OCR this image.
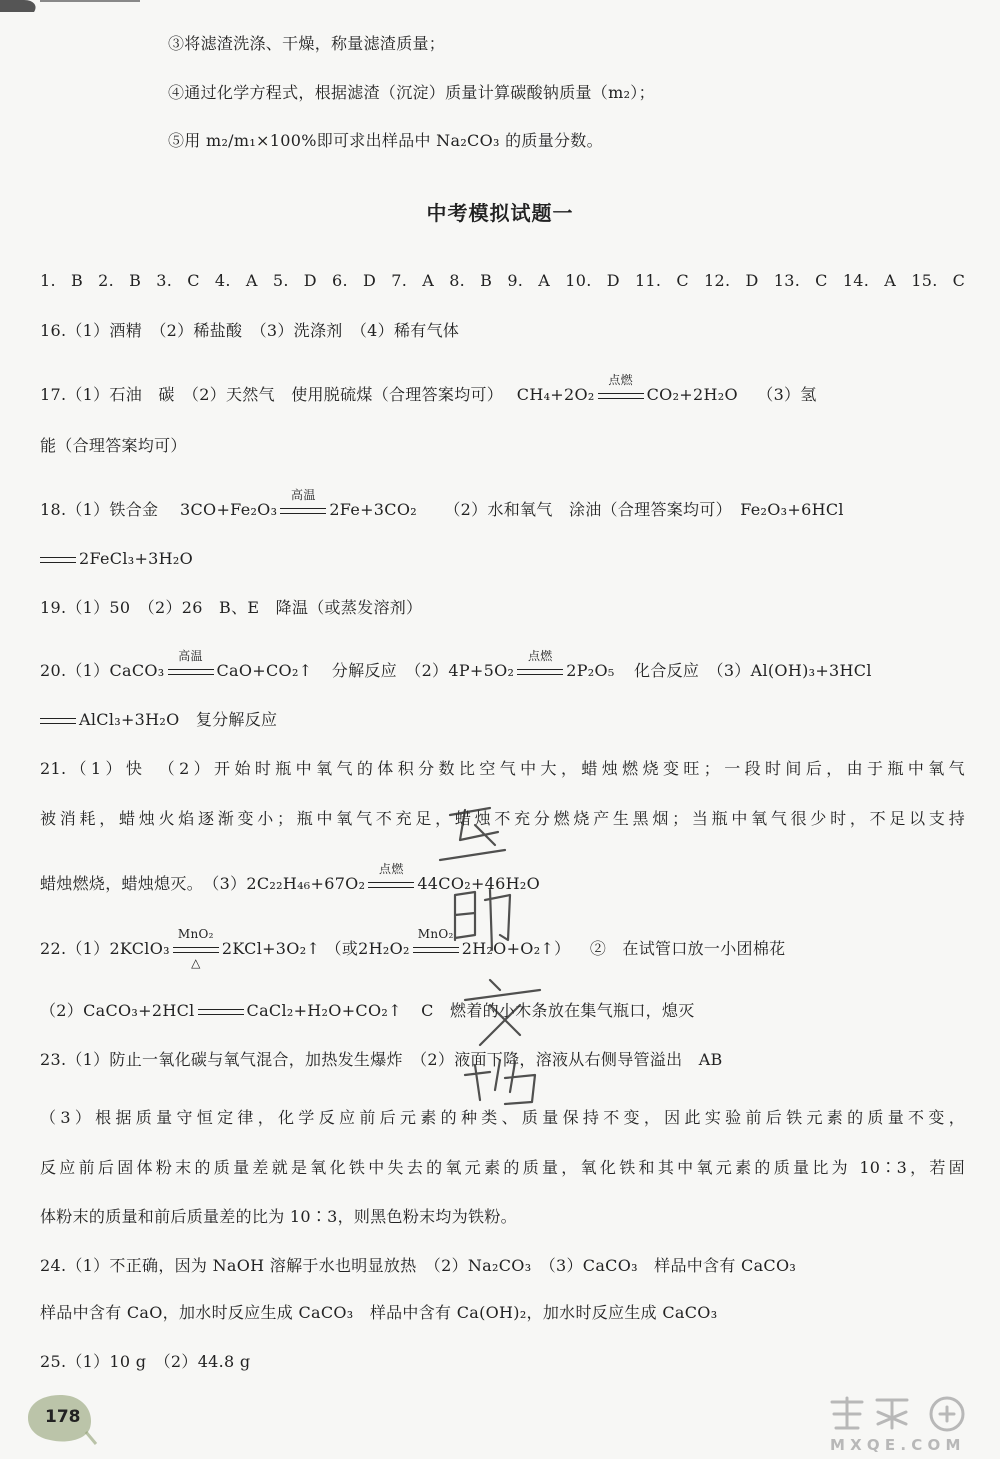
③将滤渣洗涤、干燥，称量滤渣质量；
④通过化学方程式，根据滤渣（沉淀）质量计算碳酸钠质量（m₂）；
⑤用 m₂/m₁×100%即可求出样品中 Na₂CO₃ 的质量分数。
中考模拟试题一
1. B 2. B 3. C 4. A 5. D 6. D 7. A 8. B 9. A 10. D 11. C 12. D 13. C 14. A 15. C
16.（1）酒精　（2）稀盐酸　（3）洗涤剂　（4）稀有气体
17.（1）石油　碳　（2）天然气　使用脱硫煤（合理答案均可）　 CH₄+2O₂
点燃
CO₂+2H₂O （3）氢
能（合理答案均可）
18.（1）铁合金　 3CO+Fe₂O₃
高温
2Fe+3CO₂ （2）水和氧气　涂油（合理答案均可）　Fe₂O₃+6HCl
2FeCl₃+3H₂O
19.（1）50　（2）26　B、E　降温（或蒸发溶剂）
20.（1）CaCO₃
高温
CaO+CO₂↑ 分解反应　（2）4P+5O₂
点燃
2P₂O₅ 化合反应　（3）Al(OH)₃+3HCl
AlCl₃+3H₂O　复分解反应
21.（1）快　（2）开始时瓶中氧气的体积分数比空气中大，蜡烛燃烧变旺；一段时间后，由于瓶中氧气
被消耗，蜡烛火焰逐渐变小；瓶中氧气不充足，蜡烛不充分燃烧产生黑烟；当瓶中氧气很少时，不足以支持
蜡烛燃烧，蜡烛熄灭。　（3）2C₂₂H₄₆+67O₂
点燃
44CO₂+46H₂O
22.（1）2KClO₃
MnO₂
△
2KCl+3O₂↑ （或2H₂O₂
MnO₂
2H₂O+O₂↑） ②　在试管口放一小团棉花
（2）CaCO₃+2HCl	CaCl₂+H₂O+CO₂↑ C　燃着的小木条放在集气瓶口，熄灭
23.（1）防止一氧化碳与氧气混合，加热发生爆炸　（2）液面下降，溶液从右侧导管溢出　AB
（3）根据质量守恒定律，化学反应前后元素的种类、质量保持不变，因此实验前后铁元素的质量不变，
反应前后固体粉末的质量差就是氧化铁中失去的氧元素的质量，氧化铁和其中氧元素的质量比为 10∶3，若固
体粉末的质量和前后质量差的比为 10∶3，则黑色粉末均为铁粉。
24.（1）不正确，因为 NaOH 溶解于水也明显放热　（2）Na₂CO₃　（3）CaCO₃　样品中含有 CaCO₃
样品中含有 CaO，加水时反应生成 CaCO₃　样品中含有 Ca(OH)₂，加水时反应生成 CaCO₃
25.（1）10 g　（2）44.8 g
178
M X Q E . C O M
